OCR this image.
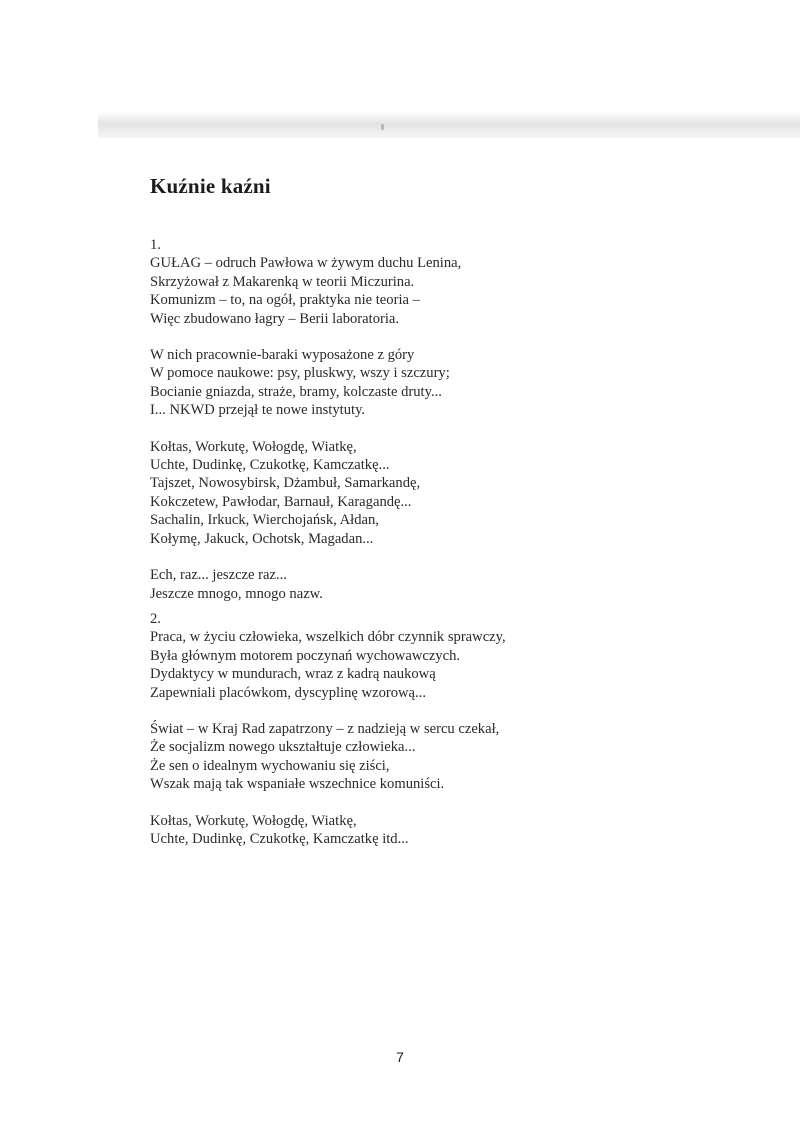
Kuźnie kaźni
1.
GUŁAG – odruch Pawłowa w żywym duchu Lenina,
Skrzyżował z Makarenką w teorii Miczurina.
Komunizm – to, na ogół, praktyka nie teoria –
Więc zbudowano łagry – Berii laboratoria.
W nich pracownie-baraki wyposażone z góry
W pomoce naukowe: psy, pluskwy, wszy i szczury;
Bocianie gniazda, straże, bramy, kolczaste druty...
I... NKWD przejął te nowe instytuty.
Kołtas, Workutę, Wołogdę, Wiatkę,
Uchte, Dudinkę, Czukotkę, Kamczatkę...
Tajszet, Nowosybirsk, Dżambuł, Samarkandę,
Kokczetew, Pawłodar, Barnauł, Karagandę...
Sachalin, Irkuck, Wierchojańsk, Ałdan,
Kołymę, Jakuck, Ochotsk, Magadan...
Ech, raz... jeszcze raz...
Jeszcze mnogo, mnogo nazw.
2.
Praca, w życiu człowieka, wszelkich dóbr czynnik sprawczy,
Była głównym motorem poczynań wychowawczych.
Dydaktycy w mundurach, wraz z kadrą naukową
Zapewniali placówkom, dyscyplinę wzorową...
Świat – w Kraj Rad zapatrzony – z nadzieją w sercu czekał,
Że socjalizm nowego ukształtuje człowieka...
Że sen o idealnym wychowaniu się ziści,
Wszak mają tak wspaniałe wszechnice komuniści.
Kołtas, Workutę, Wołogdę, Wiatkę,
Uchte, Dudinkę, Czukotkę, Kamczatkę itd...
7
